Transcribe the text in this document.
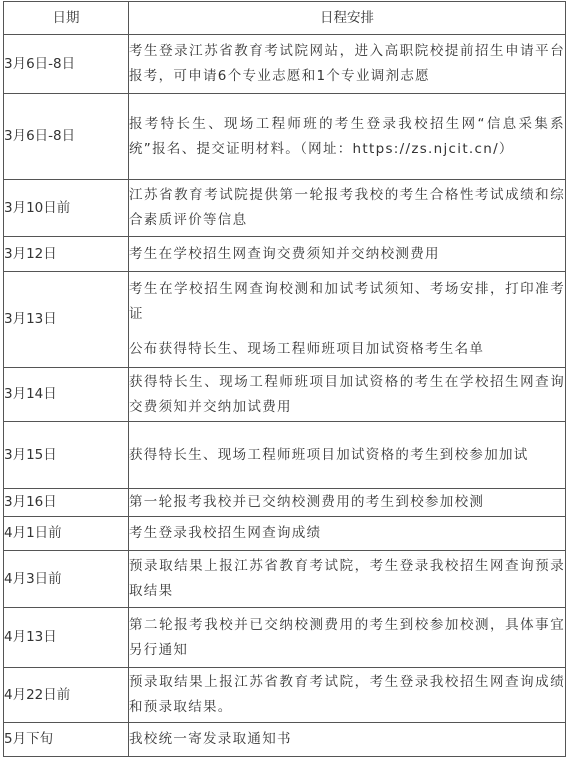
日期	日程安排
3月6日-8日	考生登录江苏省教育考试院网站，进入高职院校提前招生申请平台报考，可申请6个专业志愿和1个专业调剂志愿

3月6日-8日	报考特长生、现场工程师班的考生登录我校招生网“信息采集系统”报名、提交证明材料。（网址：https://zs.njcit.cn/）

3月10日前	江苏省教育考试院提供第一轮报考我校的考生合格性考试成绩和综合素质评价等信息

3月12日	考生在学校招生网查询交费须知并交纳校测费用

3月13日	考生在学校招生网查询校测和加试考试须知、考场安排，打印准考证

公布获得特长生、现场工程师班项目加试资格考生名单

3月14日	获得特长生、现场工程师班项目加试资格的考生在学校招生网查询交费须知并交纳加试费用

3月15日	获得特长生、现场工程师班项目加试资格的考生到校参加加试

3月16日	第一轮报考我校并已交纳校测费用的考生到校参加校测

4月1日前	考生登录我校招生网查询成绩

4月3日前	预录取结果上报江苏省教育考试院，考生登录我校招生网查询预录取结果

4月13日	第二轮报考我校并已交纳校测费用的考生到校参加校测，具体事宜另行通知

4月22日前	预录取结果上报江苏省教育考试院，考生登录我校招生网查询成绩和预录取结果。

5月下旬	我校统一寄发录取通知书
